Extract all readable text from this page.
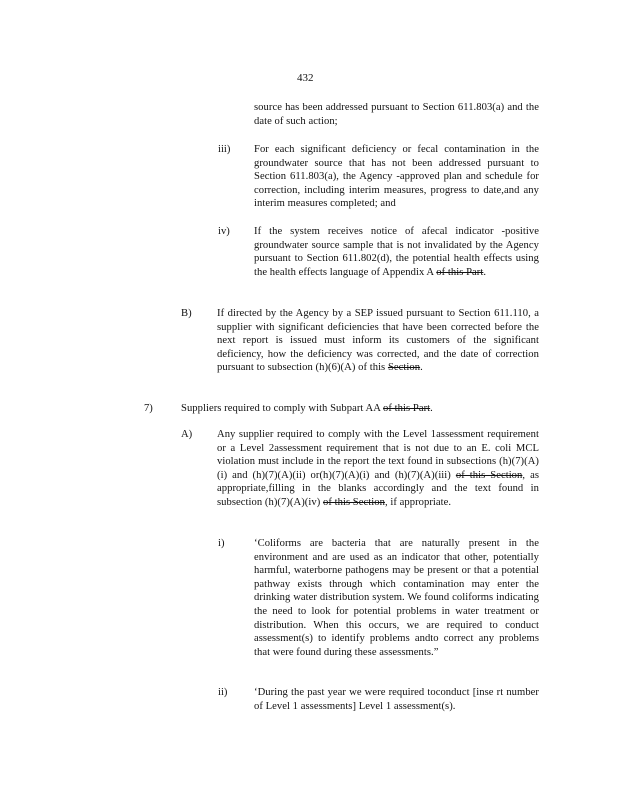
432
source has been addressed pursuant to Section 611.803(a) and the date of such action;
iii) For each significant deficiency or fecal contamination in the groundwater source that has not been addressed pursuant to Section 611.803(a), the Agency -approved plan and schedule for correction, including interim measures, progress to date,and any interim measures completed; and
iv) If the system receives notice of afecal indicator -positive groundwater source sample that is not invalidated by the Agency pursuant to Section 611.802(d), the potential health effects using the health effects language of Appendix A of this Part.
B) If directed by the Agency by a SEP issued pursuant to Section 611.110, a supplier with significant deficiencies that have been corrected before the next report is issued must inform its customers of the significant deficiency, how the deficiency was corrected, and the date of correction pursuant to subsection (h)(6)(A) of this Section.
7)	Suppliers required to comply with Subpart AA of this Part.
A) Any supplier required to comply with the Level 1assessment requirement or a Level 2assessment requirement that is not due to an E. coli MCL violation must include in the report the text found in subsections (h)(7)(A)(i) and (h)(7)(A)(ii) or(h)(7)(A)(i) and (h)(7)(A)(iii) of this Section, as appropriate,filling in the blanks accordingly and the text found in subsection (h)(7)(A)(iv) of this Section, if appropriate.
i)	‘Coliforms are bacteria that are naturally present in the environment and are used as an indicator that other, potentially harmful, waterborne pathogens may be present or that a potential pathway exists through which contamination may enter the drinking water distribution system. We found coliforms indicating the need to look for potential problems in water treatment or distribution. When this occurs, we are required to conduct assessment(s) to identify problems andto correct any problems that were found during these assessments.”
ii)	‘During the past year we were required toconduct [inse rt number of Level 1 assessments] Level 1 assessment(s).
